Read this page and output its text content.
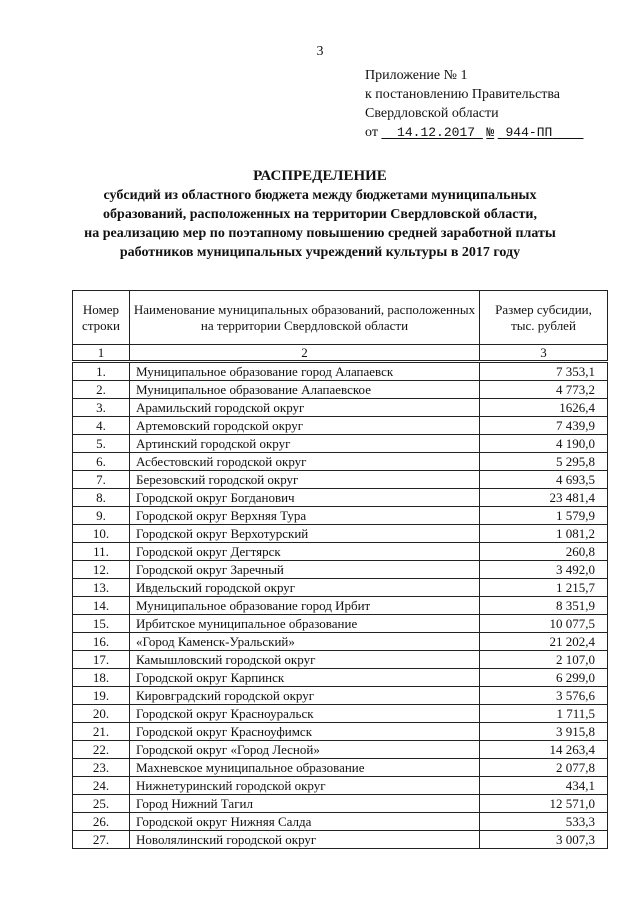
3
Приложение № 1
к постановлению Правительства
Свердловской области
от 14.12.2017 № 944-ПП
РАСПРЕДЕЛЕНИЕ
субсидий из областного бюджета между бюджетами муниципальных
образований, расположенных на территории Свердловской области,
на реализацию мер по поэтапному повышению средней заработной платы
работников муниципальных учреждений культуры в 2017 году
Номер строки	Наименование муниципальных образований, расположенных на территории Свердловской области	Размер субсидии, тыс. рублей
1	2	3
1.	Муниципальное образование город Алапаевск	7 353,1
2.	Муниципальное образование Алапаевское	4 773,2
3.	Арамильский городской округ	1626,4
4.	Артемовский городской округ	7 439,9
5.	Артинский городской округ	4 190,0
6.	Асбестовский городской округ	5 295,8
7.	Березовский городской округ	4 693,5
8.	Городской округ Богданович	23 481,4
9.	Городской округ Верхняя Тура	1 579,9
10.	Городской округ Верхотурский	1 081,2
11.	Городской округ Дегтярск	260,8
12.	Городской округ Заречный	3 492,0
13.	Ивдельский городской округ	1 215,7
14.	Муниципальное образование город Ирбит	8 351,9
15.	Ирбитское муниципальное образование	10 077,5
16.	«Город Каменск-Уральский»	21 202,4
17.	Камышловский городской округ	2 107,0
18.	Городской округ Карпинск	6 299,0
19.	Кировградский городской округ	3 576,6
20.	Городской округ Красноуральск	1 711,5
21.	Городской округ Красноуфимск	3 915,8
22.	Городской округ «Город Лесной»	14 263,4
23.	Махневское муниципальное образование	2 077,8
24.	Нижнетуринский городской округ	434,1
25.	Город Нижний Тагил	12 571,0
26.	Городской округ Нижняя Салда	533,3
27.	Новолялинский городской округ	3 007,3
